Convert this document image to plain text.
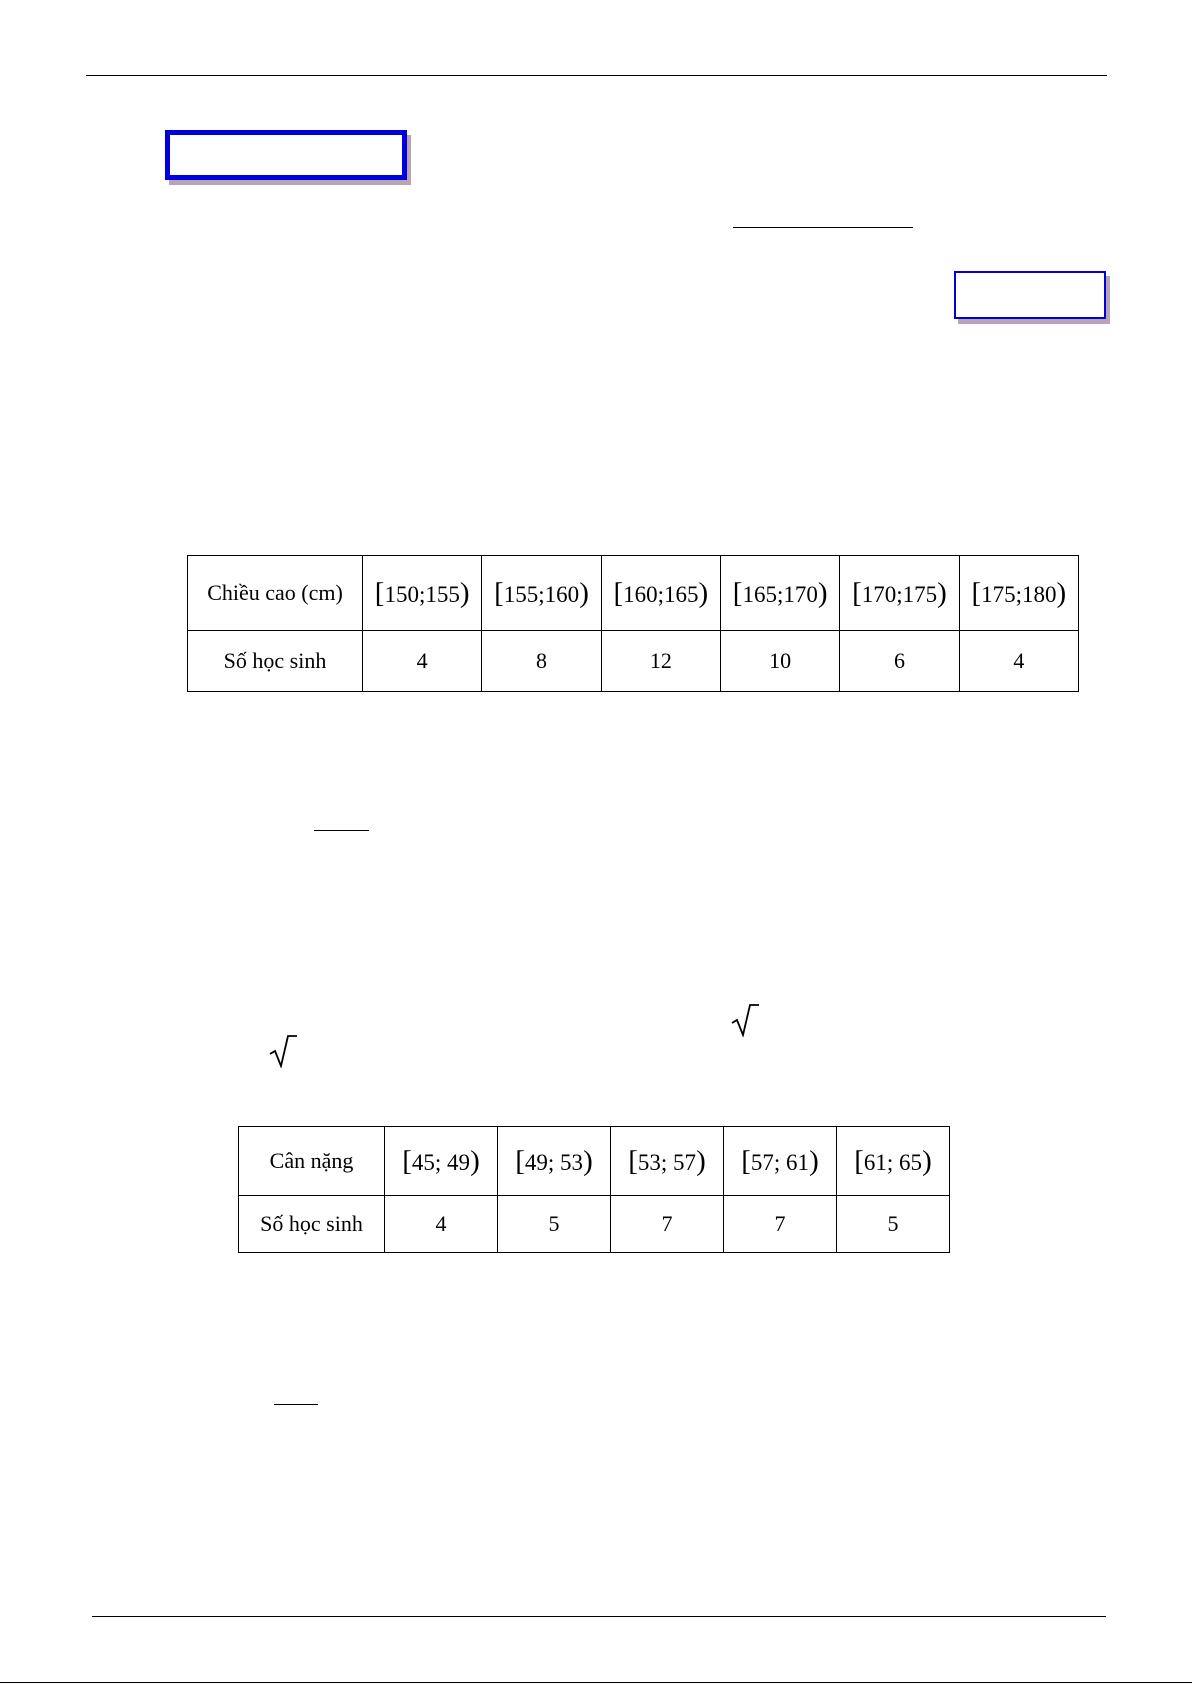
Chiều cao (cm)	[150;155)	[155;160)	[160;165)	[165;170)	[170;175)	[175;180)
Số học sinh	4	8	12	10	6	4
Cân nặng	[45; 49)	[49; 53)	[53; 57)	[57; 61)	[61; 65)
Số học sinh	4	5	7	7	5
